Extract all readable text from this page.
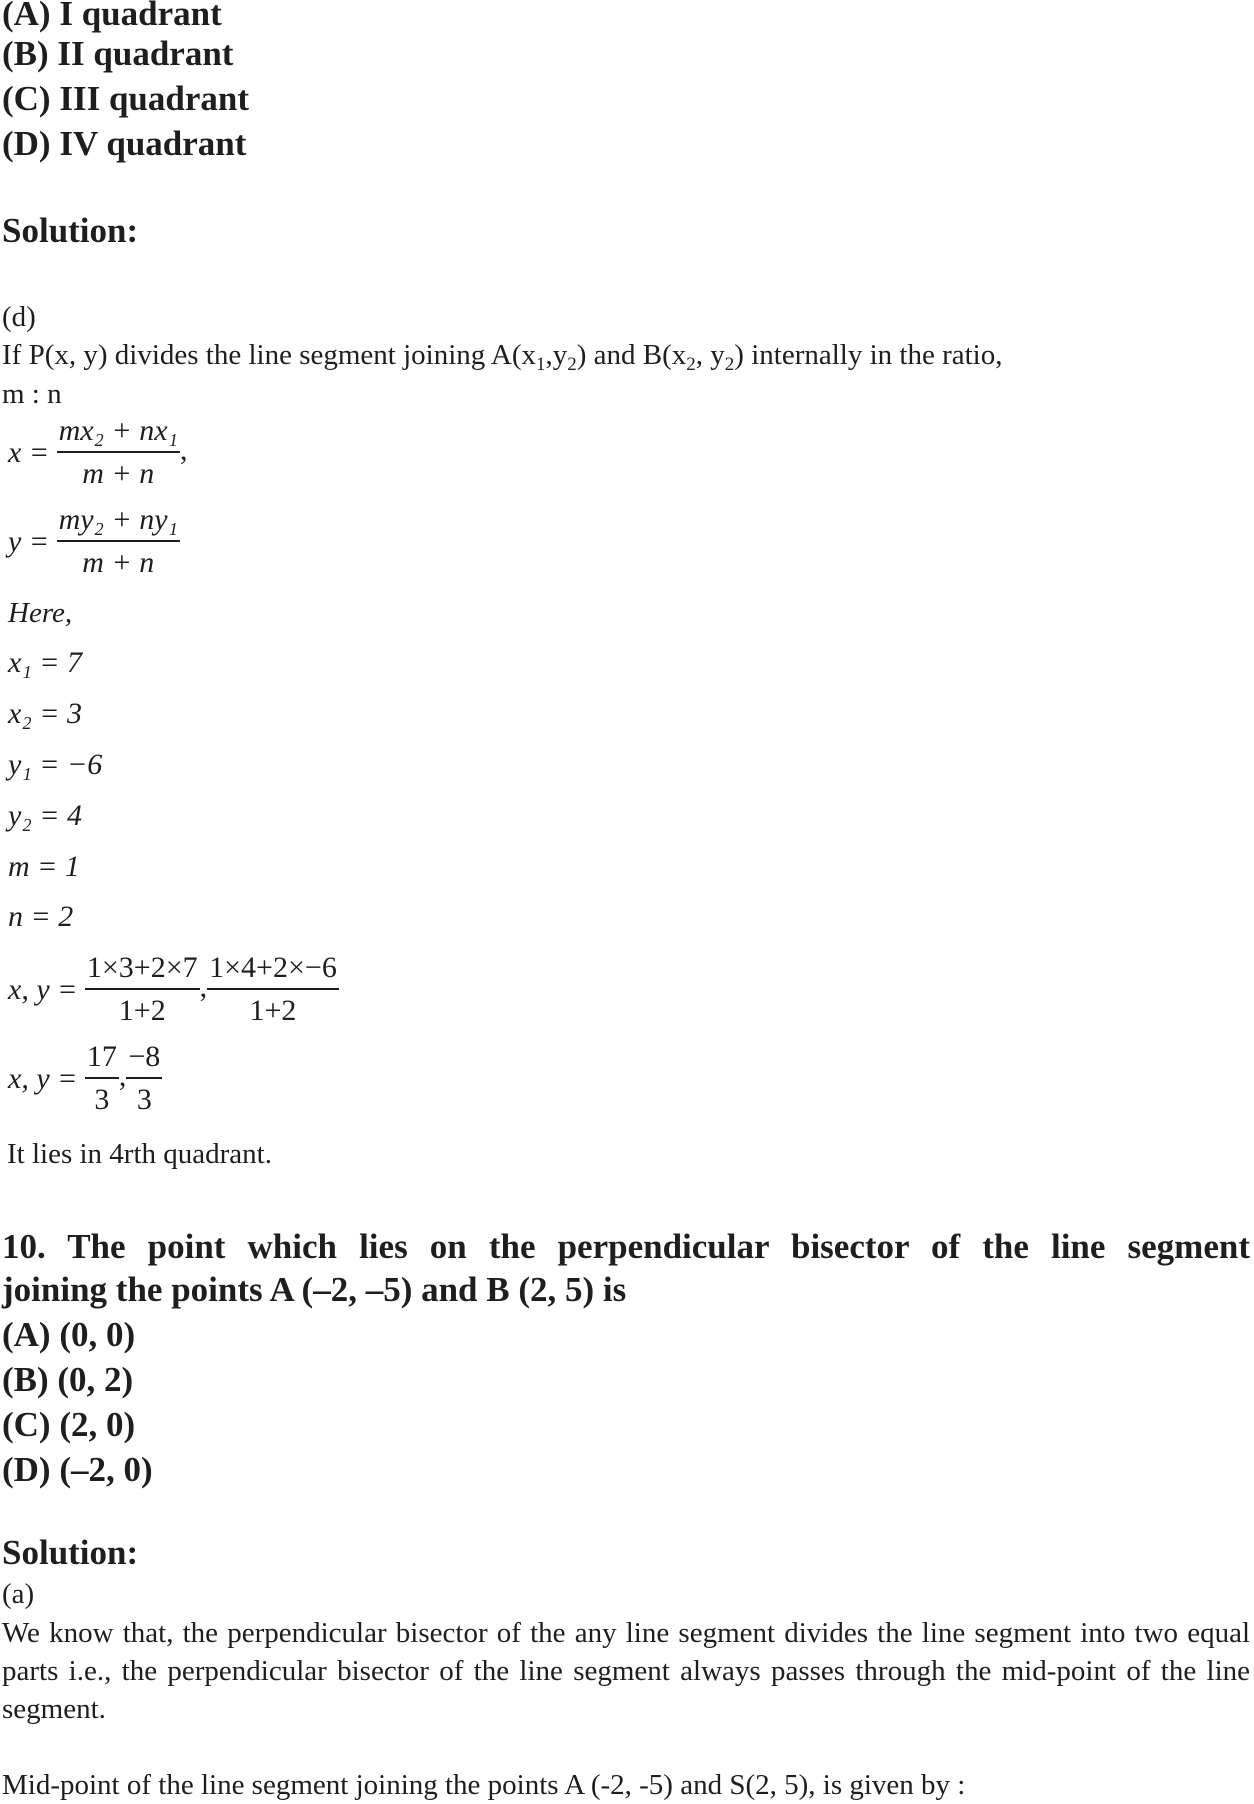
(A) I quadrant
(B) II quadrant
(C) III quadrant
(D) IV quadrant
Solution:
(d)
If P(x, y) divides the line segment joining $A(x_1,y_2)$ and $B(x_2$, $y_2$) internally in the ratio,
m : n
$x = \frac{\text{mx₂ + nx₁}}{m + n}$ ,
$y = \frac{\text{my₂ + ny₁}}{m + n}$
Here,
x₁ = 7
x₂ = 3
y₁ = −6
y₂ = 4
m = 1
n = 2
x, $y = \frac{1\times 3+2\times 7}{1+2}$ , $\frac{1\times 4+2\times-6}{1+2}$
x, $y = \frac{17}{3}$ , $\frac{-8}{3}$
It lies in 4rth quadrant.
10. The point which lies on the perpendicular bisector of the line segment
joining the points A (–2, –5) and B (2, 5) is
(A) (0, 0)
(B) (0, 2)
(C) (2, 0)
(D) (–2, 0)
Solution:
(a)
We know that, the perpendicular bisector of the any line segment divides the line segment into two equal parts i.e., the perpendicular bisector of the line segment always passes through the mid-point of the line segment.
Mid-point of the line segment joining the points A (-2, -5) and S(2, 5), is given by :
